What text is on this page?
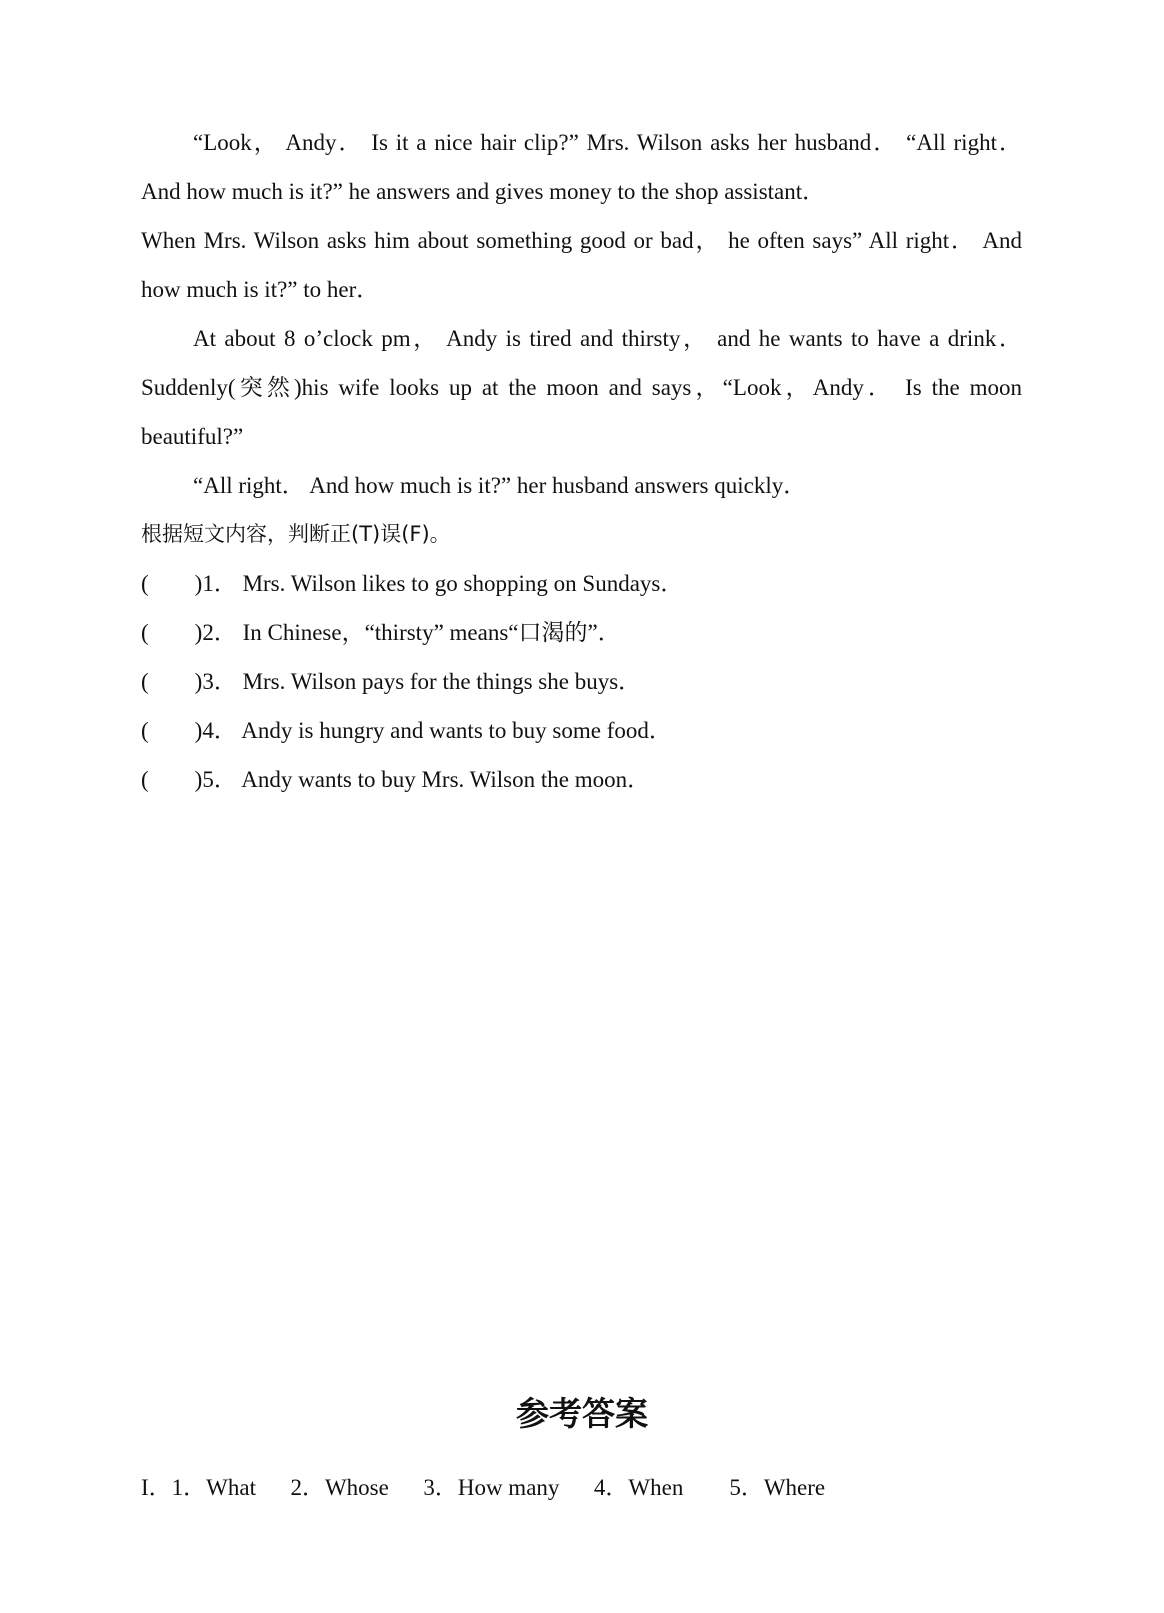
“Look， Andy． Is it a nice hair clip?” Mrs. Wilson asks her husband． “All right． And how much is it?” he answers and gives money to the shop assistant．

When Mrs. Wilson asks him about something good or bad， he often says” All right． And how much is it?” to her．

At about 8 o’clock pm， Andy is tired and thirsty， and he wants to have a drink． Suddenly(突然)his wife looks up at the moon and says，“Look，Andy． Is the moon beautiful?”

“All right． And how much is it?” her husband answers quickly．

根据短文内容，判断正(T)误(F)。

(        )1． Mrs. Wilson likes to go shopping on Sundays．

(        )2． In Chinese，“thirsty” means“口渴的”．

(        )3． Mrs. Wilson pays for the things she buys．

(        )4． Andy is hungry and wants to buy some food．

(        )5． Andy wants to buy Mrs. Wilson the moon．

参考答案
I．1．What      2．Whose      3．How many      4．When        5．Where
